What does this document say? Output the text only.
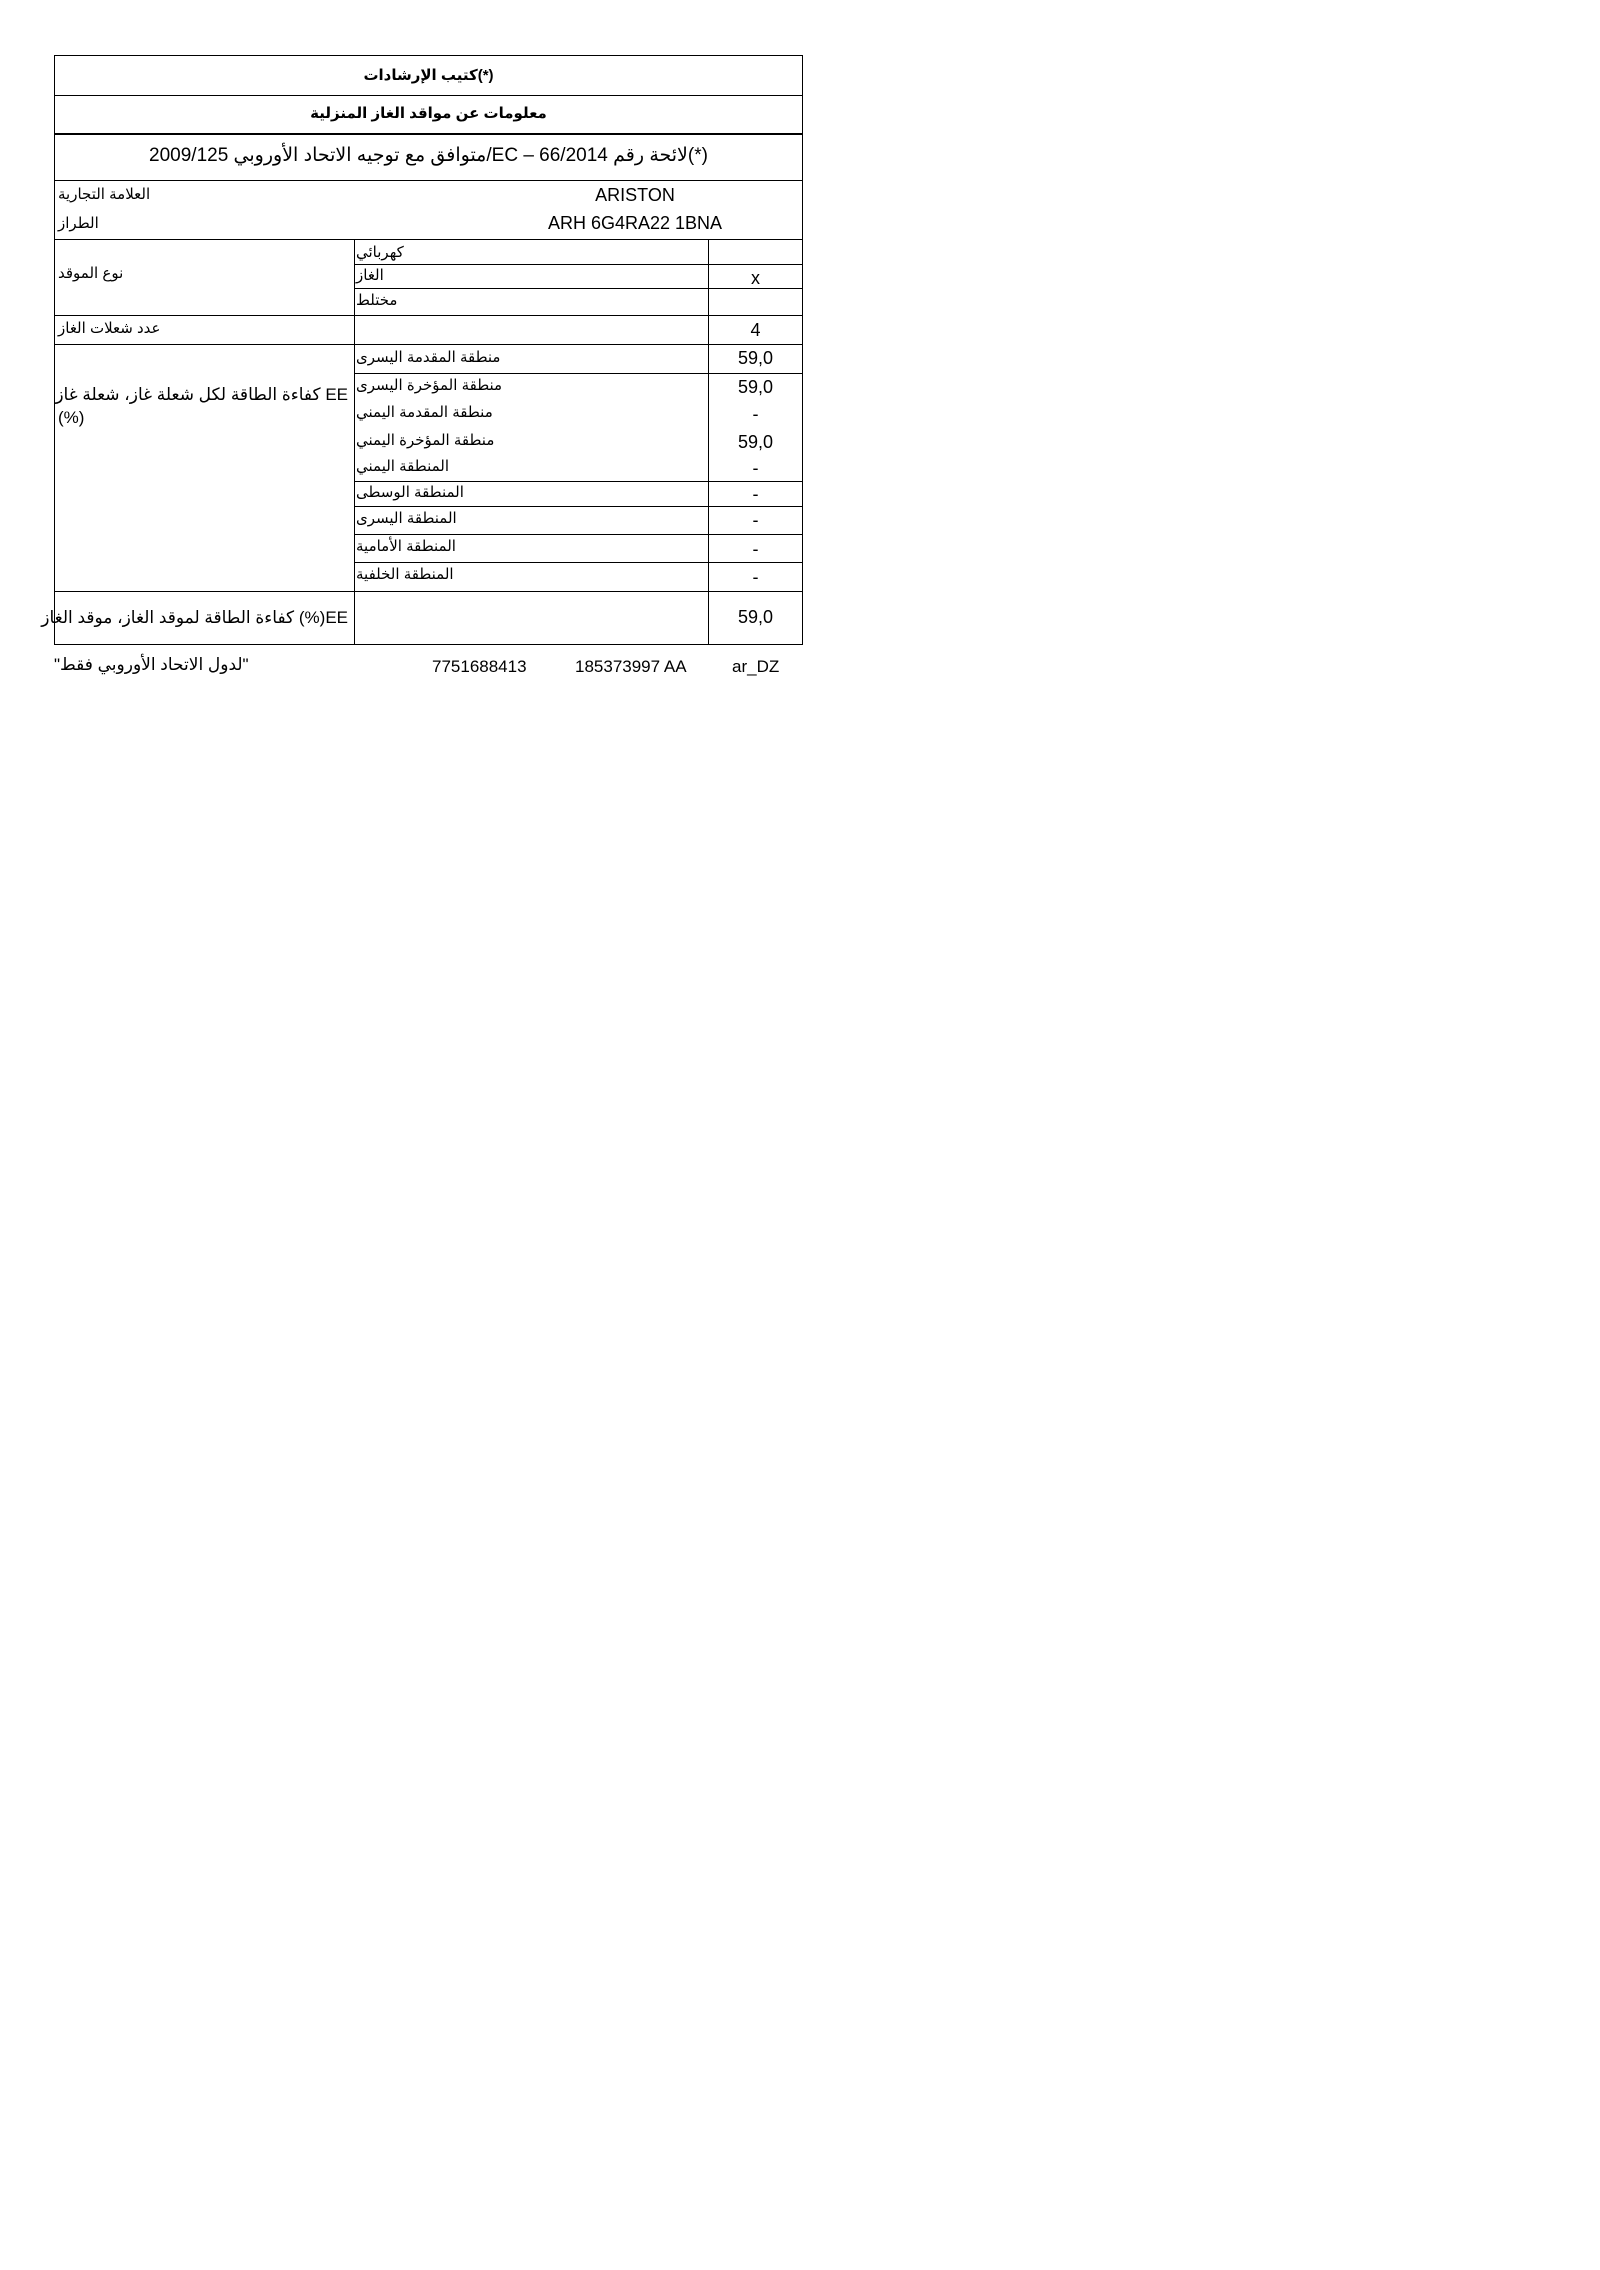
(*)كتيب الإرشادات
معلومات عن مواقد الغاز المنزلية
(*)لائحة رقم 66/2014 – EC/متوافق مع توجيه الاتحاد الأوروبي 2009/125
العلامة التجارية	ARISTON
الطراز	ARH 6G4RA22 1BNA
نوع الموقد
كهربائي
الغاز	x
مختلط
عدد شعلات الغاز	4
EE كفاءة الطاقة لكل شعلة غاز، شعلة غاز
(%)
منطقة المقدمة اليسرى	59,0
منطقة المؤخرة اليسرى	59,0
منطقة المقدمة اليمني	-
منطقة المؤخرة اليمني	59,0
المنطقة اليمني	-
المنطقة الوسطى	-
المنطقة اليسرى	-
المنطقة الأمامية	-
المنطقة الخلفية	-
EE(%) كفاءة الطاقة لموقد الغاز، موقد الغاز	59,0
"لدول الاتحاد الأوروبي فقط"	7751688413	185373997 AA	ar_DZ
